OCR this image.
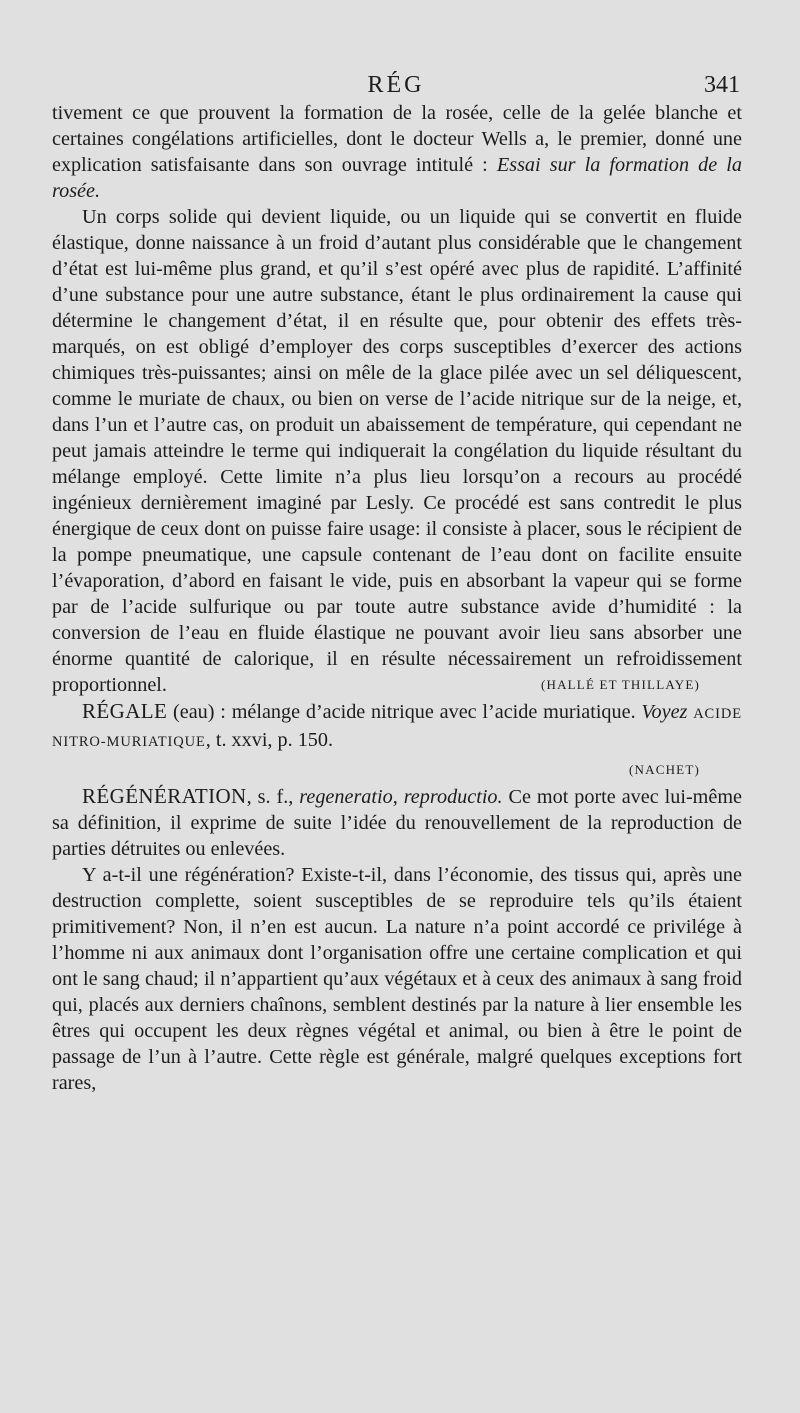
RÉG	341

tivement ce que prouvent la formation de la rosée, celle de la gelée blanche et certaines congélations artificielles, dont le docteur Wells a, le premier, donné une explication satisfaisante dans son ouvrage intitulé : Essai sur la formation de la rosée.

Un corps solide qui devient liquide, ou un liquide qui se convertit en fluide élastique, donne naissance à un froid d’autant plus considérable que le changement d’état est lui-même plus grand, et qu’il s’est opéré avec plus de rapidité. L’affinité d’une substance pour une autre substance, étant le plus ordinairement la cause qui détermine le changement d’état, il en résulte que, pour obtenir des effets très-marqués, on est obligé d’employer des corps susceptibles d’exercer des actions chimiques très-puissantes; ainsi on mêle de la glace pilée avec un sel déliquescent, comme le muriate de chaux, ou bien on verse de l’acide nitrique sur de la neige, et, dans l’un et l’autre cas, on produit un abaissement de température, qui cependant ne peut jamais atteindre le terme qui indiquerait la congélation du liquide résultant du mélange employé. Cette limite n’a plus lieu lorsqu’on a recours au procédé ingénieux dernièrement imaginé par Lesly. Ce procédé est sans contredit le plus énergique de ceux dont on puisse faire usage: il consiste à placer, sous le récipient de la pompe pneumatique, une capsule contenant de l’eau dont on facilite ensuite l’évaporation, d’abord en faisant le vide, puis en absorbant la vapeur qui se forme par de l’acide sulfurique ou par toute autre substance avide d’humidité : la conversion de l’eau en fluide élastique ne pouvant avoir lieu sans absorber une énorme quantité de calorique, il en résulte nécessairement un refroidissement proportionnel.	(HALLÉ ET THILLAYE)

RÉGALE (eau) : mélange d’acide nitrique avec l’acide muriatique. Voyez ACIDE NITRO-MURIATIQUE, t. xxvi, p. 150.

(NACHET)

RÉGÉNÉRATION, s. f., regeneratio, reproductio. Ce mot porte avec lui-même sa définition, il exprime de suite l’idée du renouvellement de la reproduction de parties détruites ou enlevées.

Y a-t-il une régénération? Existe-t-il, dans l’économie, des tissus qui, après une destruction complette, soient susceptibles de se reproduire tels qu’ils étaient primitivement? Non, il n’en est aucun. La nature n’a point accordé ce privilége à l’homme ni aux animaux dont l’organisation offre une certaine complication et qui ont le sang chaud; il n’appartient qu’aux végétaux et à ceux des animaux à sang froid qui, placés aux derniers chaînons, semblent destinés par la nature à lier ensemble les êtres qui occupent les deux règnes végétal et animal, ou bien à être le point de passage de l’un à l’autre. Cette règle est générale, malgré quelques exceptions fort rares,
